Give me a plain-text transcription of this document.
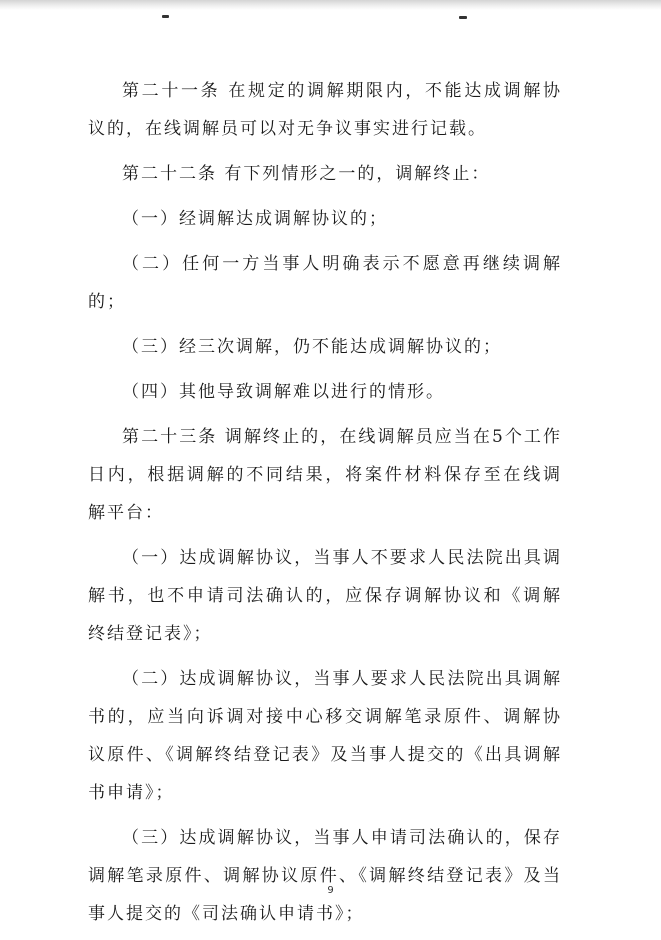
第二十一条 在规定的调解期限内，不能达成调解协议的，在线调解员可以对无争议事实进行记载。

第二十二条 有下列情形之一的，调解终止：

（一）经调解达成调解协议的；

（二）任何一方当事人明确表示不愿意再继续调解的；

（三）经三次调解，仍不能达成调解协议的；

（四）其他导致调解难以进行的情形。

第二十三条 调解终止的，在线调解员应当在5个工作日内，根据调解的不同结果，将案件材料保存至在线调解平台：

（一）达成调解协议，当事人不要求人民法院出具调解书，也不申请司法确认的，应保存调解协议和《调解终结登记表》；

（二）达成调解协议，当事人要求人民法院出具调解书的，应当向诉调对接中心移交调解笔录原件、调解协议原件、《调解终结登记表》及当事人提交的《出具调解书申请》；

（三）达成调解协议，当事人申请司法确认的，保存调解笔录原件、调解协议原件、《调解终结登记表》及当事人提交的《司法确认申请书》；

9
